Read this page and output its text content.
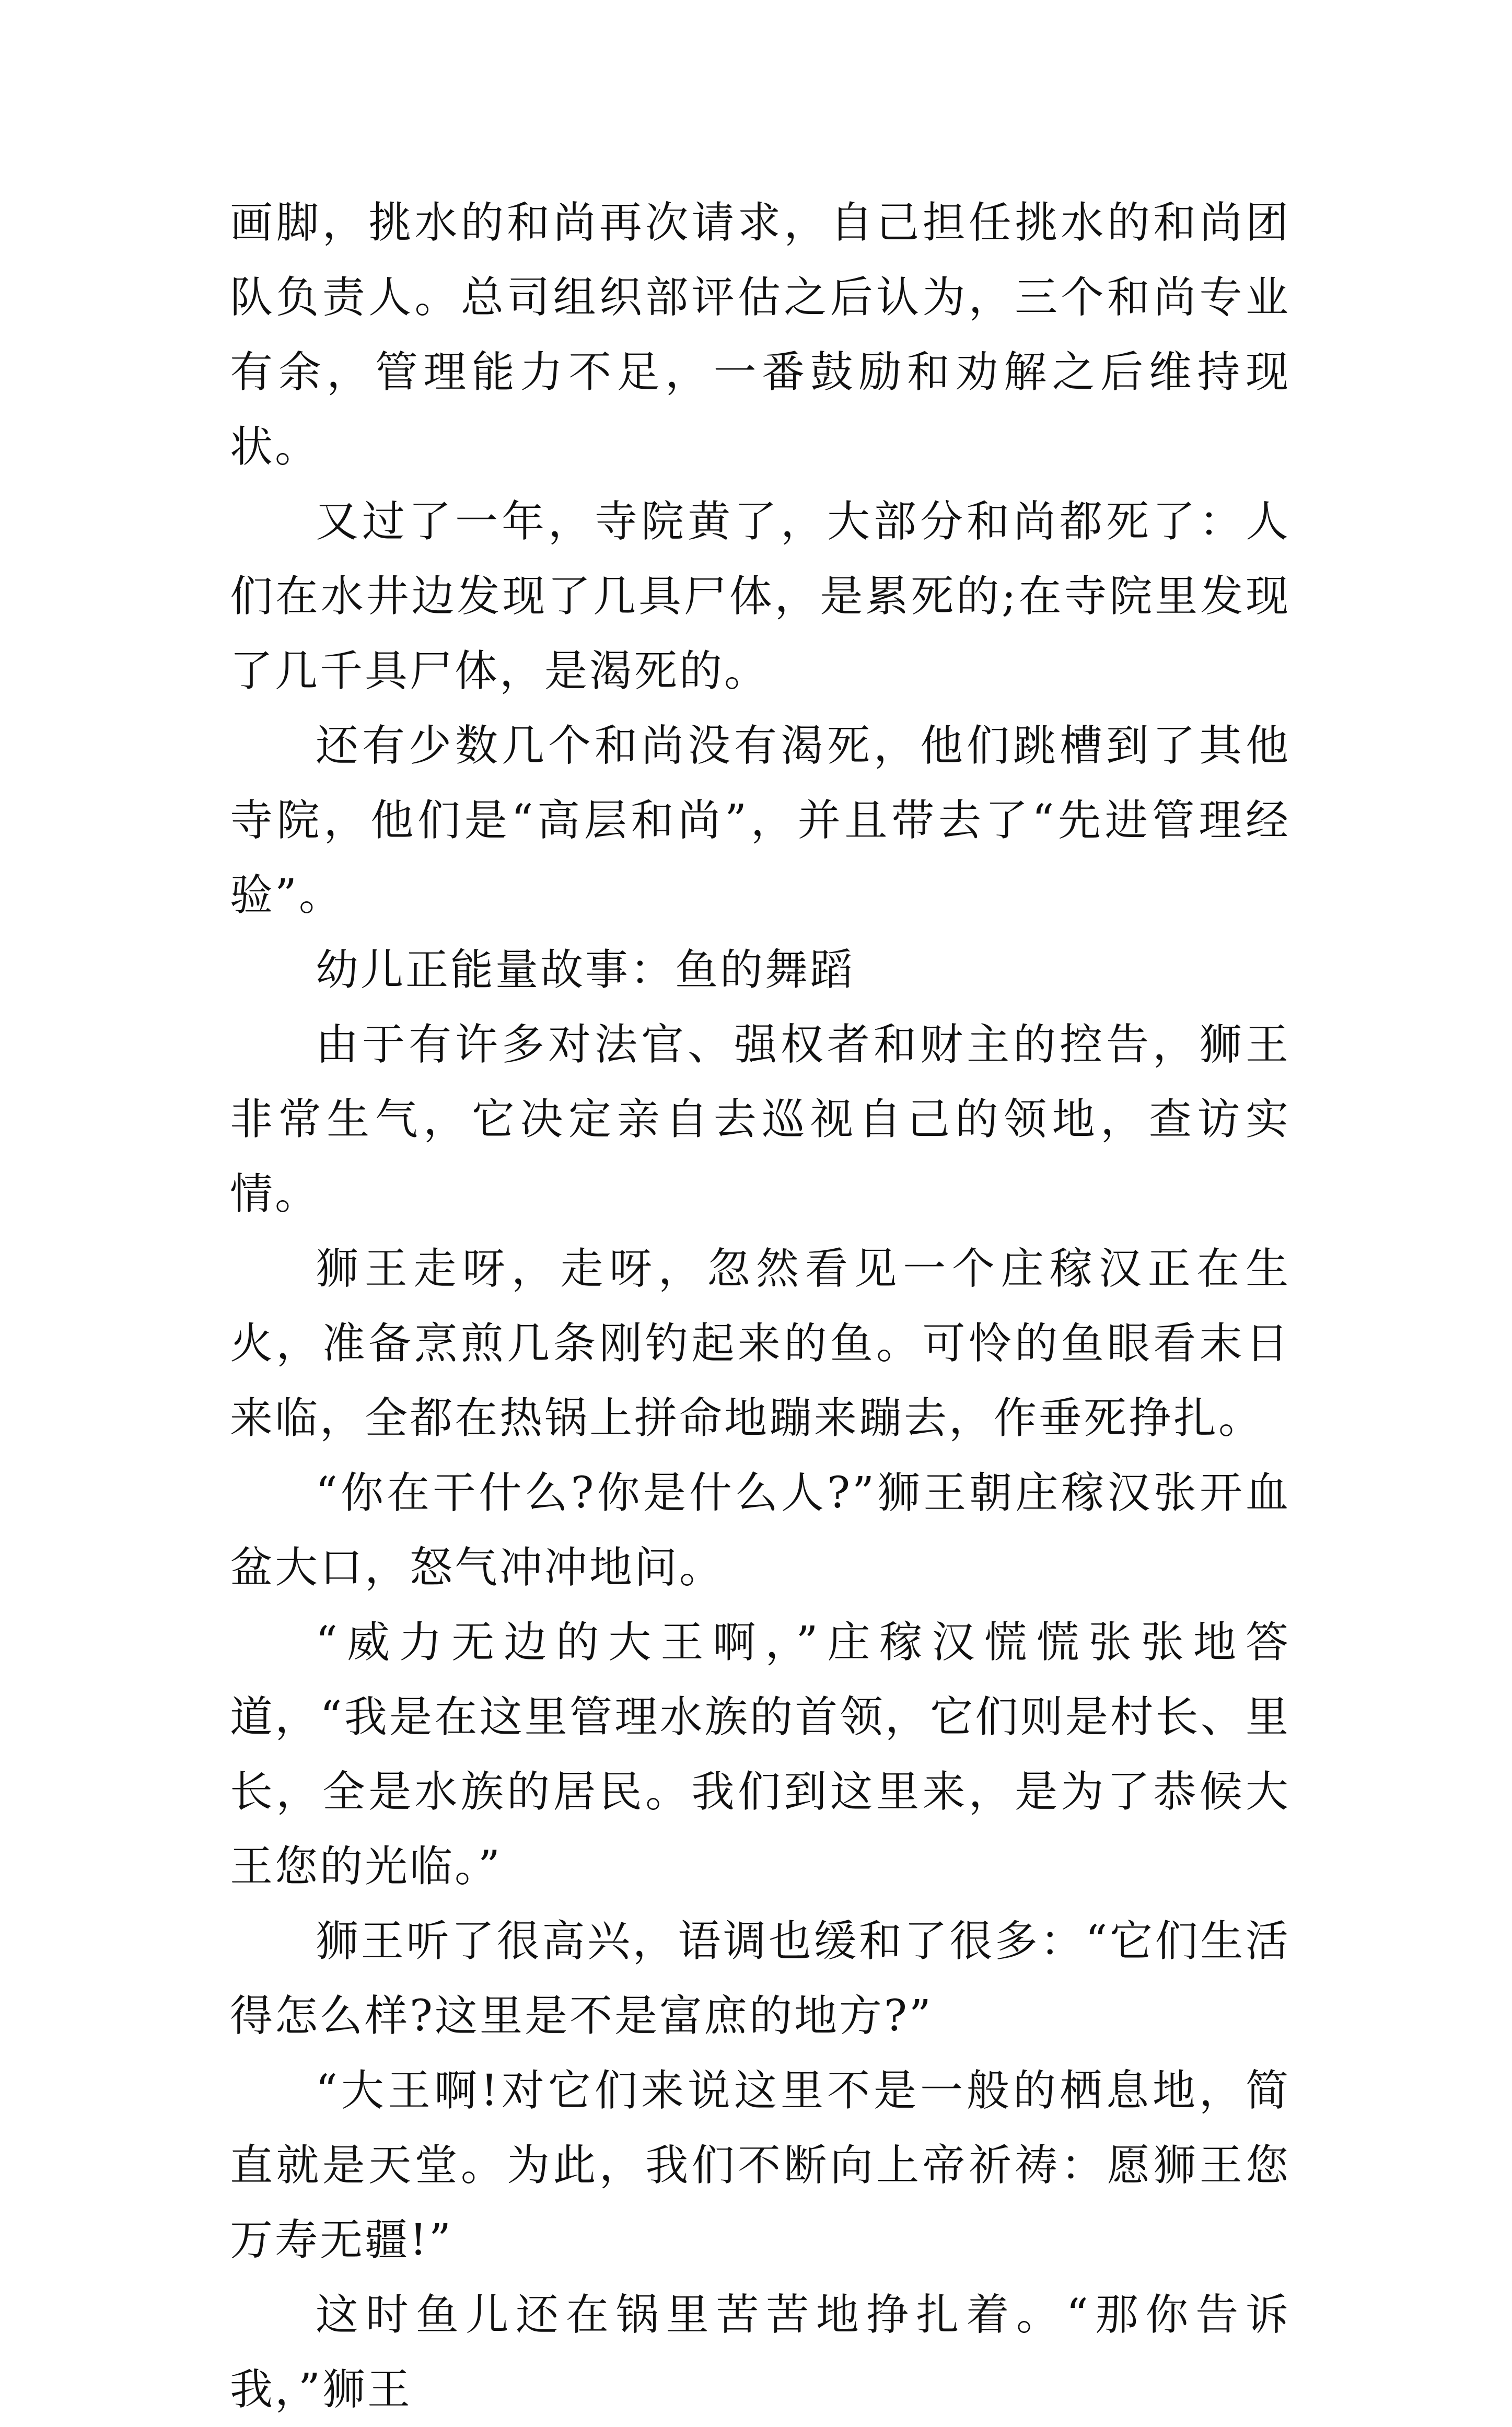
画脚，挑水的和尚再次请求，自己担任挑水的和尚团队负责人。总司组织部评估之后认为，三个和尚专业有余，管理能力不足，一番鼓励和劝解之后维持现状。

又过了一年，寺院黄了，大部分和尚都死了：人们在水井边发现了几具尸体，是累死的;在寺院里发现了几千具尸体，是渴死的。

还有少数几个和尚没有渴死，他们跳槽到了其他寺院，他们是“高层和尚”，并且带去了“先进管理经验”。

幼儿正能量故事：鱼的舞蹈

由于有许多对法官、强权者和财主的控告，狮王非常生气，它决定亲自去巡视自己的领地，查访实情。

狮王走呀，走呀，忽然看见一个庄稼汉正在生火，准备烹煎几条刚钓起来的鱼。可怜的鱼眼看末日来临，全都在热锅上拼命地蹦来蹦去，作垂死挣扎。

“你在干什么?你是什么人?”狮王朝庄稼汉张开血盆大口，怒气冲冲地问。

“威力无边的大王啊，”庄稼汉慌慌张张地答道，“我是在这里管理水族的首领，它们则是村长、里长，全是水族的居民。我们到这里来，是为了恭候大王您的光临。”

狮王听了很高兴，语调也缓和了很多：“它们生活得怎么样?这里是不是富庶的地方?”

“大王啊!对它们来说这里不是一般的栖息地，简直就是天堂。为此，我们不断向上帝祈祷：愿狮王您万寿无疆!”

这时鱼儿还在锅里苦苦地挣扎着。“那你告诉我，”狮王
